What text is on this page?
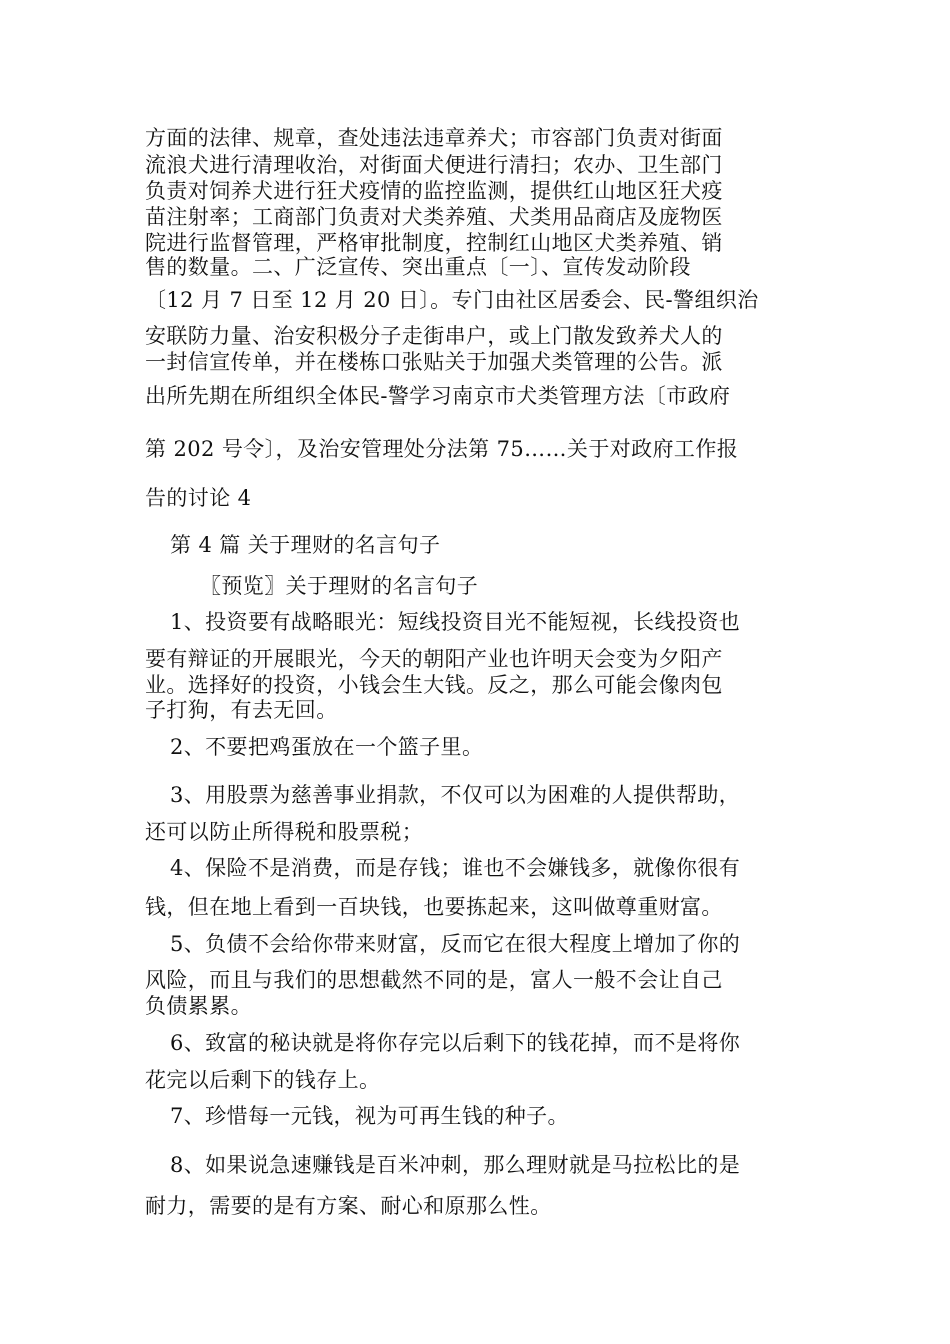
方面的法律、规章，查处违法违章养犬；市容部门负责对街面
流浪犬进行清理收治，对街面犬便进行清扫；农办、卫生部门
负责对饲养犬进行狂犬疫情的监控监测，提供红山地区狂犬疫
苗注射率；工商部门负责对犬类养殖、犬类用品商店及庞物医
院进行监督管理，严格审批制度，控制红山地区犬类养殖、销
售的数量。二、广泛宣传、突出重点〔一〕、宣传发动阶段
〔12 月 7 日至 12 月 20 日〕。专门由社区居委会、民-警组织治
安联防力量、治安积极分子走街串户，或上门散发致养犬人的
一封信宣传单，并在楼栋口张贴关于加强犬类管理的公告。派
出所先期在所组织全体民-警学习南京市犬类管理方法〔市政府
第 202 号令〕，及治安管理处分法第 75……关于对政府工作报
告的讨论 4
第 4 篇 关于理财的名言句子
〖预览〗关于理财的名言句子
1、投资要有战略眼光：短线投资目光不能短视，长线投资也
要有辩证的开展眼光，今天的朝阳产业也许明天会变为夕阳产
业。选择好的投资，小钱会生大钱。反之，那么可能会像肉包
子打狗，有去无回。
2、不要把鸡蛋放在一个篮子里。
3、用股票为慈善事业捐款，不仅可以为困难的人提供帮助，
还可以防止所得税和股票税；
4、保险不是消费，而是存钱；谁也不会嫌钱多，就像你很有
钱，但在地上看到一百块钱，也要拣起来，这叫做尊重财富。
5、负债不会给你带来财富，反而它在很大程度上增加了你的
风险，而且与我们的思想截然不同的是，富人一般不会让自己
负债累累。
6、致富的秘诀就是将你存完以后剩下的钱花掉，而不是将你
花完以后剩下的钱存上。
7、珍惜每一元钱，视为可再生钱的种子。
8、如果说急速赚钱是百米冲刺，那么理财就是马拉松比的是
耐力，需要的是有方案、耐心和原那么性。
